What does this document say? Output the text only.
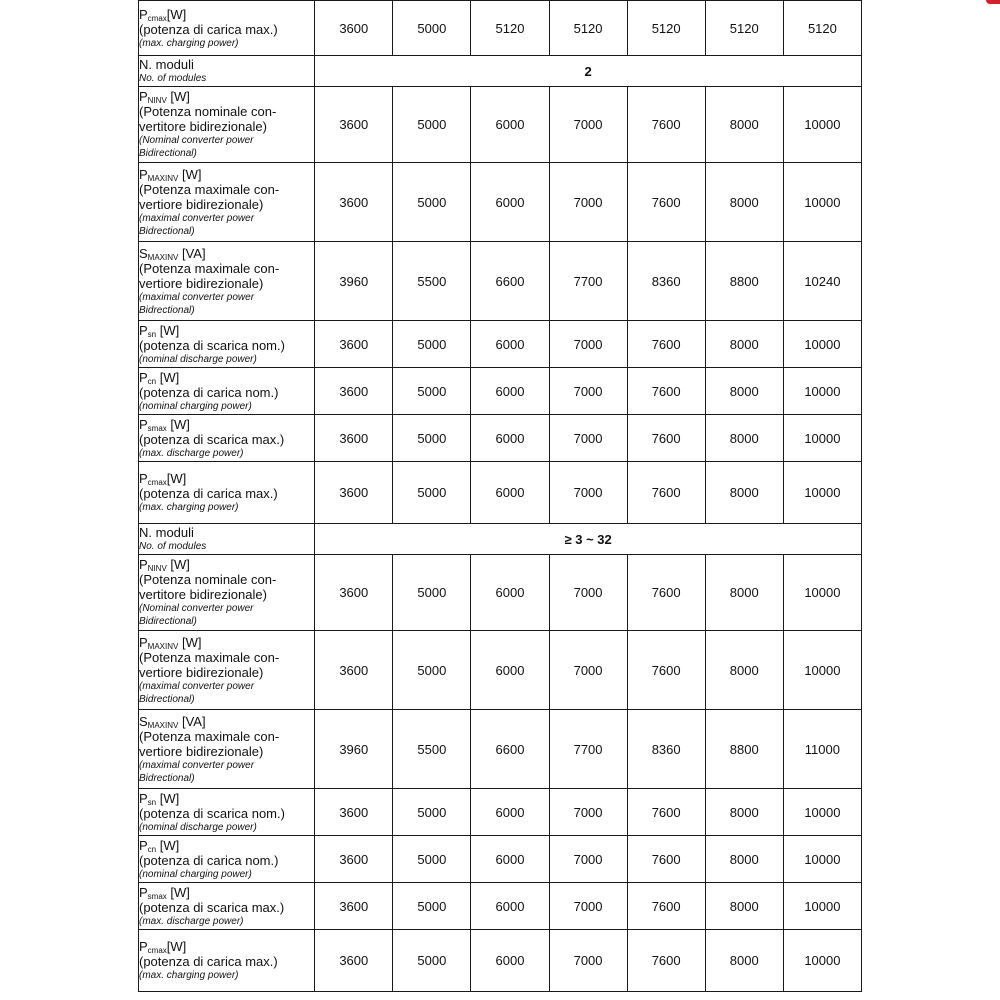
$P_{cmax}[W]$
(potenza di carica max.)
(max. charging power)	3600	5000	5120	5120	5120	5120	5120

N. moduli
No. of modules	2						

$P_{NINV}$ [W]
(Potenza nominale con-
vertitore bidirezionale)
(Nominal converter power
Bidirectional)	3600	5000	6000	7000	7600	8000	10000

$P_{MAXINV}$ [W]
(Potenza maximale con-
vertiore bidirezionale)
(maximal converter power
Bidrectional)	3600	5000	6000	7000	7600	8000	10000

$S_{MAXINV}$ [VA]
(Potenza maximale con-
vertiore bidirezionale)
(maximal converter power
Bidrectional)	3960	5500	6600	7700	8360	8800	10240

$P_{sn}$ [W]
(potenza di scarica nom.)
(nominal discharge power)	3600	5000	6000	7000	7600	8000	10000

$P_{cn}$ [W]
(potenza di carica nom.)
(nominal charging power)	3600	5000	6000	7000	7600	8000	10000

$P_{smax}$ [W]
(potenza di scarica max.)
(max. discharge power)	3600	5000	6000	7000	7600	8000	10000

$P_{cmax}[W]$
(potenza di carica max.)
(max. charging power)	3600	5000	6000	7000	7600	8000	10000

N. moduli
No. of modules	≥ 3 ~ 32						

$P_{NINV}$ [W]
(Potenza nominale con-
vertitore bidirezionale)
(Nominal converter power
Bidirectional)	3600	5000	6000	7000	7600	8000	10000

$P_{MAXINV}$ [W]
(Potenza maximale con-
vertiore bidirezionale)
(maximal converter power
Bidrectional)	3600	5000	6000	7000	7600	8000	10000

$S_{MAXINV}$ [VA]
(Potenza maximale con-
vertiore bidirezionale)
(maximal converter power
Bidrectional)	3960	5500	6600	7700	8360	8800	11000

$P_{sn}$ [W]
(potenza di scarica nom.)
(nominal discharge power)	3600	5000	6000	7000	7600	8000	10000

$P_{cn}$ [W]
(potenza di carica nom.)
(nominal charging power)	3600	5000	6000	7000	7600	8000	10000

$P_{smax}$ [W]
(potenza di scarica max.)
(max. discharge power)	3600	5000	6000	7000	7600	8000	10000

$P_{cmax}[W]$
(potenza di carica max.)
(max. charging power)	3600	5000	6000	7000	7600	8000	10000
